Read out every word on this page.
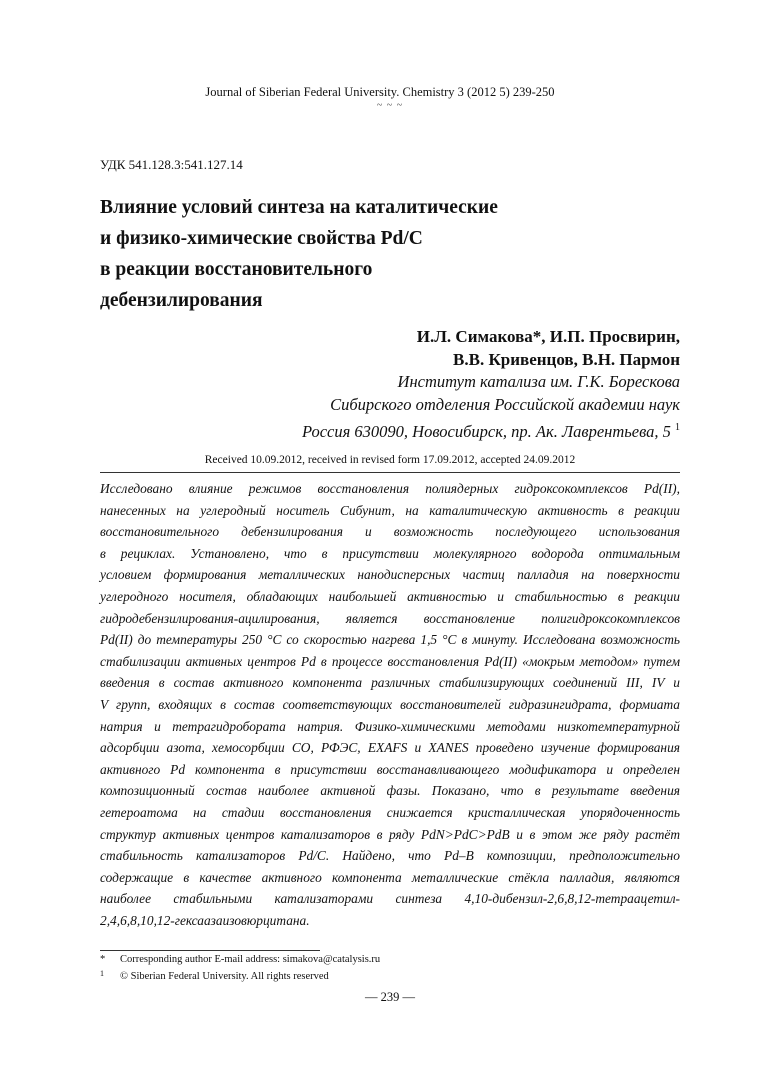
Journal of Siberian Federal University. Chemistry 3 (2012 5) 239-250
~ ~ ~
УДК 541.128.3:541.127.14
Влияние условий синтеза на каталитические
и физико-химические свойства Pd/C
в реакции восстановительного
дебензилирования
И.Л. Симакова*, И.П. Просвирин,
В.В. Кривенцов, В.Н. Пармон
Институт катализа им. Г.К. Борескова
Сибирского отделения Российской академии наук
Россия 630090, Новосибирск, пр. Ак. Лаврентьева, 5 $^1$
Received 10.09.2012, received in revised form 17.09.2012, accepted 24.09.2012
Исследовано влияние режимов восстановления полиядерных гидроксокомплексов Pd(II),
нанесенных на углеродный носитель Сибунит, на каталитическую активность в реакции
восстановительного дебензилирования и возможность последующего использования
в рециклах. Установлено, что в присутствии молекулярного водорода оптимальным
условием формирования металлических нанодисперсных частиц палладия на поверхности
углеродного носителя, обладающих наибольшей активностью и стабильностью в реакции
гидродебензилирования-ацилирования, является восстановление полигидроксокомплексов
Pd(II) до температуры 250 °С со скоростью нагрева 1,5 °С в минуту. Исследована возможность
стабилизации активных центров Pd в процессе восстановления Pd(II) «мокрым методом» путем
введения в состав активного компонента различных стабилизирующих соединений III, IV и
V групп, входящих в состав соответствующих восстановителей гидразингидрата, формиата
натрия и тетрагидробората натрия. Физико-химическими методами низкотемпературной
адсорбции азота, хемосорбции СО, РФЭС, EXAFS и XANES проведено изучение формирования
активного Pd компонента в присутствии восстанавливающего модификатора и определен
композиционный состав наиболее активной фазы. Показано, что в результате введения
гетероатома на стадии восстановления снижается кристаллическая упорядоченность
структур активных центров катализаторов в ряду PdN>PdC>PdB и в этом же ряду растёт
стабильность катализаторов Pd/C. Найдено, что Pd–B композиции, предположительно
содержащие в качестве активного компонента металлические стёкла палладия, являются
наиболее стабильными катализаторами синтеза 4,10-дибензил-2,6,8,12-тетраацетил-
2,4,6,8,10,12-гексаазаизовюрцитана.
* Corresponding author E-mail address: simakova@catalysis.ru
1 © Siberian Federal University. All rights reserved
— 239 —
